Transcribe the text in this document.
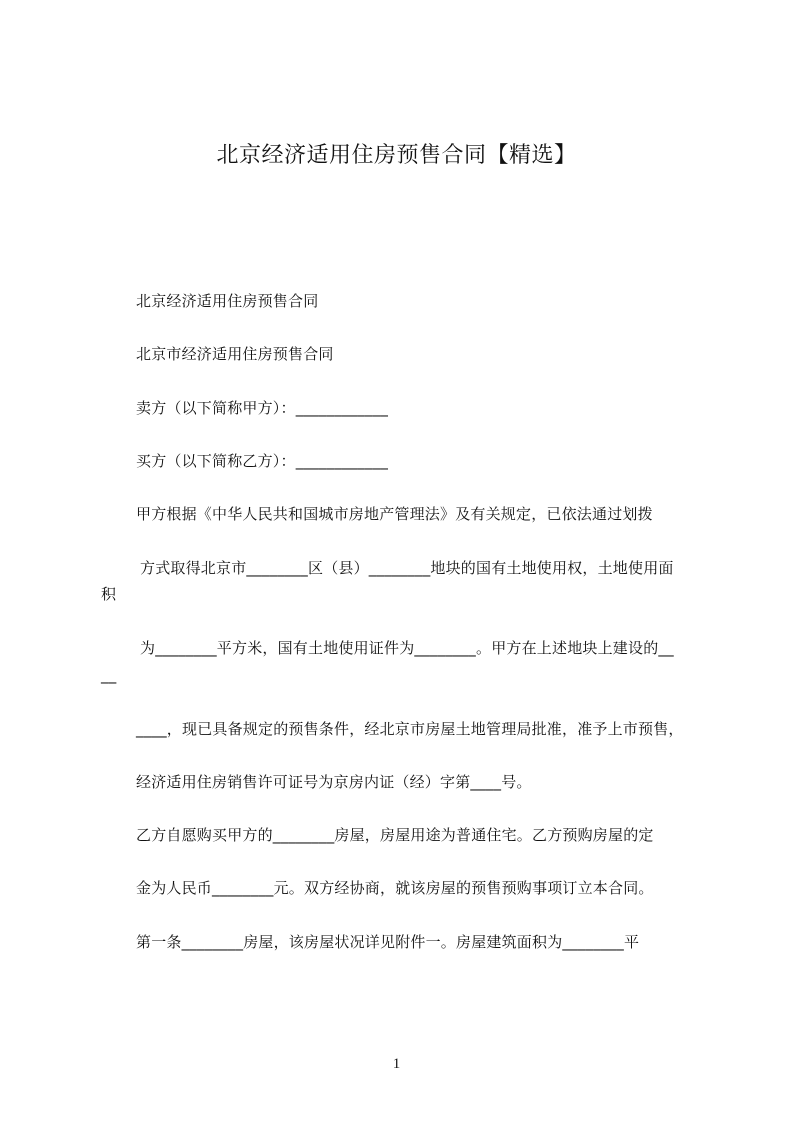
北京经济适用住房预售合同【精选】
北京经济适用住房预售合同
北京市经济适用住房预售合同
卖方（以下简称甲方）：____________
买方（以下简称乙方）：____________
甲方根据《中华人民共和国城市房地产管理法》及有关规定，已依法通过划拨
方式取得北京市________区（县）________地块的国有土地使用权，土地使用面
积
为________平方米，国有土地使用证件为________。甲方在上述地块上建设的__
__
____，现已具备规定的预售条件，经北京市房屋土地管理局批准，准予上市预售，
经济适用住房销售许可证号为京房内证（经）字第____号。
乙方自愿购买甲方的________房屋，房屋用途为普通住宅。乙方预购房屋的定
金为人民币________元。双方经协商，就该房屋的预售预购事项订立本合同。
第一条________房屋，该房屋状况详见附件一。房屋建筑面积为________平
1
